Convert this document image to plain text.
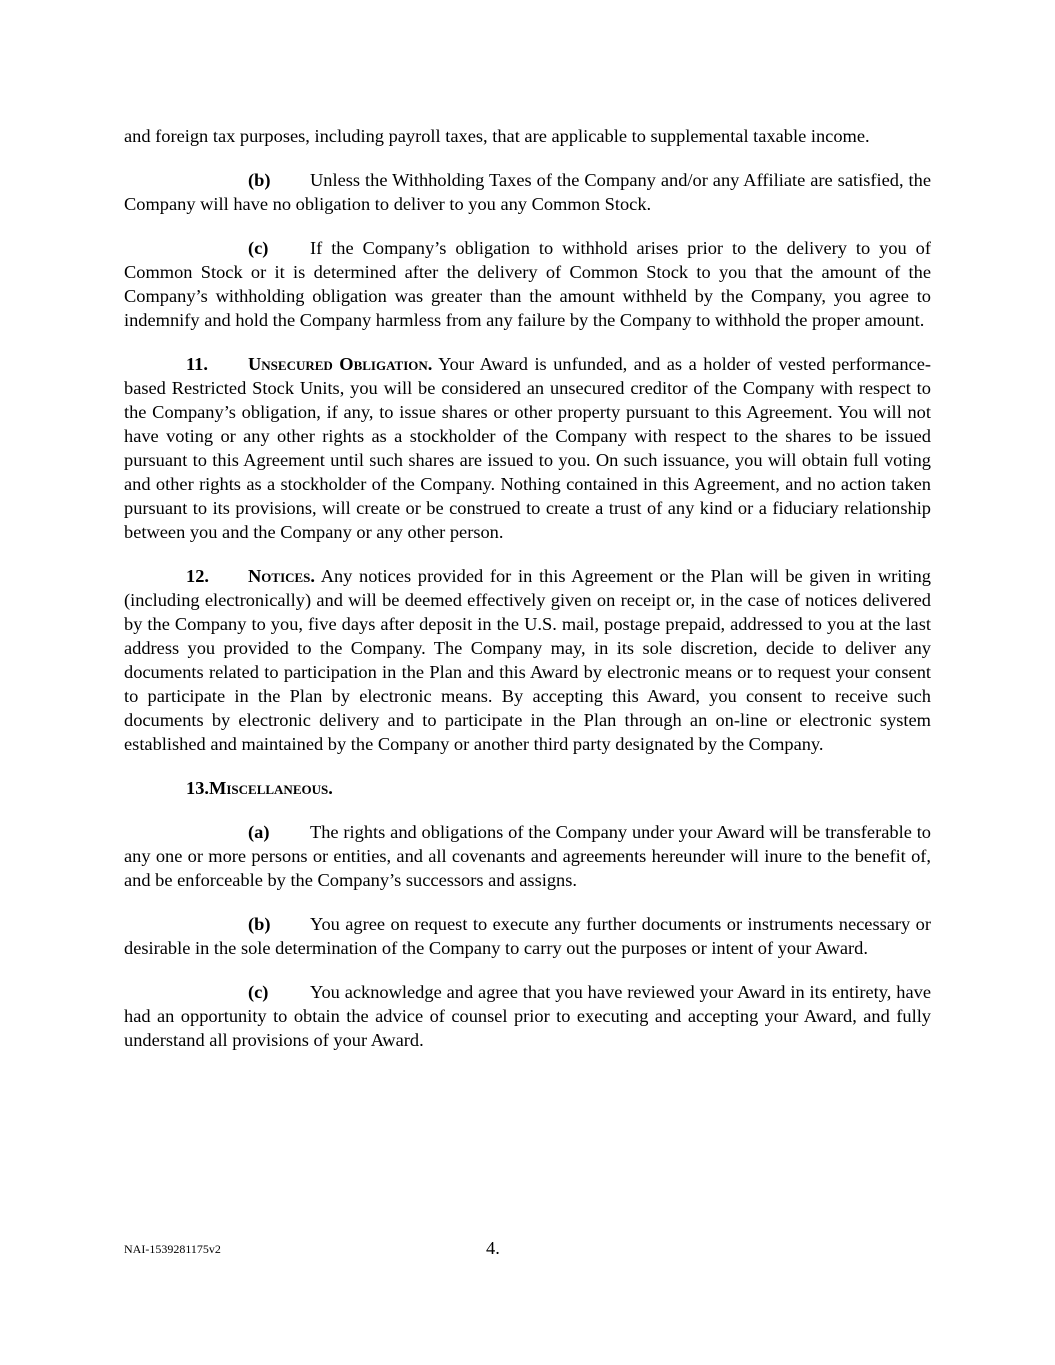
and foreign tax purposes, including payroll taxes, that are applicable to supplemental taxable income.

(b) Unless the Withholding Taxes of the Company and/or any Affiliate are satisfied, the Company will have no obligation to deliver to you any Common Stock.

(c) If the Company’s obligation to withhold arises prior to the delivery to you of Common Stock or it is determined after the delivery of Common Stock to you that the amount of the Company’s withholding obligation was greater than the amount withheld by the Company, you agree to indemnify and hold the Company harmless from any failure by the Company to withhold the proper amount.

11. Unsecured Obligation. Your Award is unfunded, and as a holder of vested performance-based Restricted Stock Units, you will be considered an unsecured creditor of the Company with respect to the Company’s obligation, if any, to issue shares or other property pursuant to this Agreement. You will not have voting or any other rights as a stockholder of the Company with respect to the shares to be issued pursuant to this Agreement until such shares are issued to you. On such issuance, you will obtain full voting and other rights as a stockholder of the Company. Nothing contained in this Agreement, and no action taken pursuant to its provisions, will create or be construed to create a trust of any kind or a fiduciary relationship between you and the Company or any other person.

12. Notices. Any notices provided for in this Agreement or the Plan will be given in writing (including electronically) and will be deemed effectively given on receipt or, in the case of notices delivered by the Company to you, five days after deposit in the U.S. mail, postage prepaid, addressed to you at the last address you provided to the Company. The Company may, in its sole discretion, decide to deliver any documents related to participation in the Plan and this Award by electronic means or to request your consent to participate in the Plan by electronic means. By accepting this Award, you consent to receive such documents by electronic delivery and to participate in the Plan through an on-line or electronic system established and maintained by the Company or another third party designated by the Company.

13.Miscellaneous.

(a) The rights and obligations of the Company under your Award will be transferable to any one or more persons or entities, and all covenants and agreements hereunder will inure to the benefit of, and be enforceable by the Company’s successors and assigns.

(b) You agree on request to execute any further documents or instruments necessary or desirable in the sole determination of the Company to carry out the purposes or intent of your Award.

(c) You acknowledge and agree that you have reviewed your Award in its entirety, have had an opportunity to obtain the advice of counsel prior to executing and accepting your Award, and fully understand all provisions of your Award.

NAI-1539281175v2	4.
